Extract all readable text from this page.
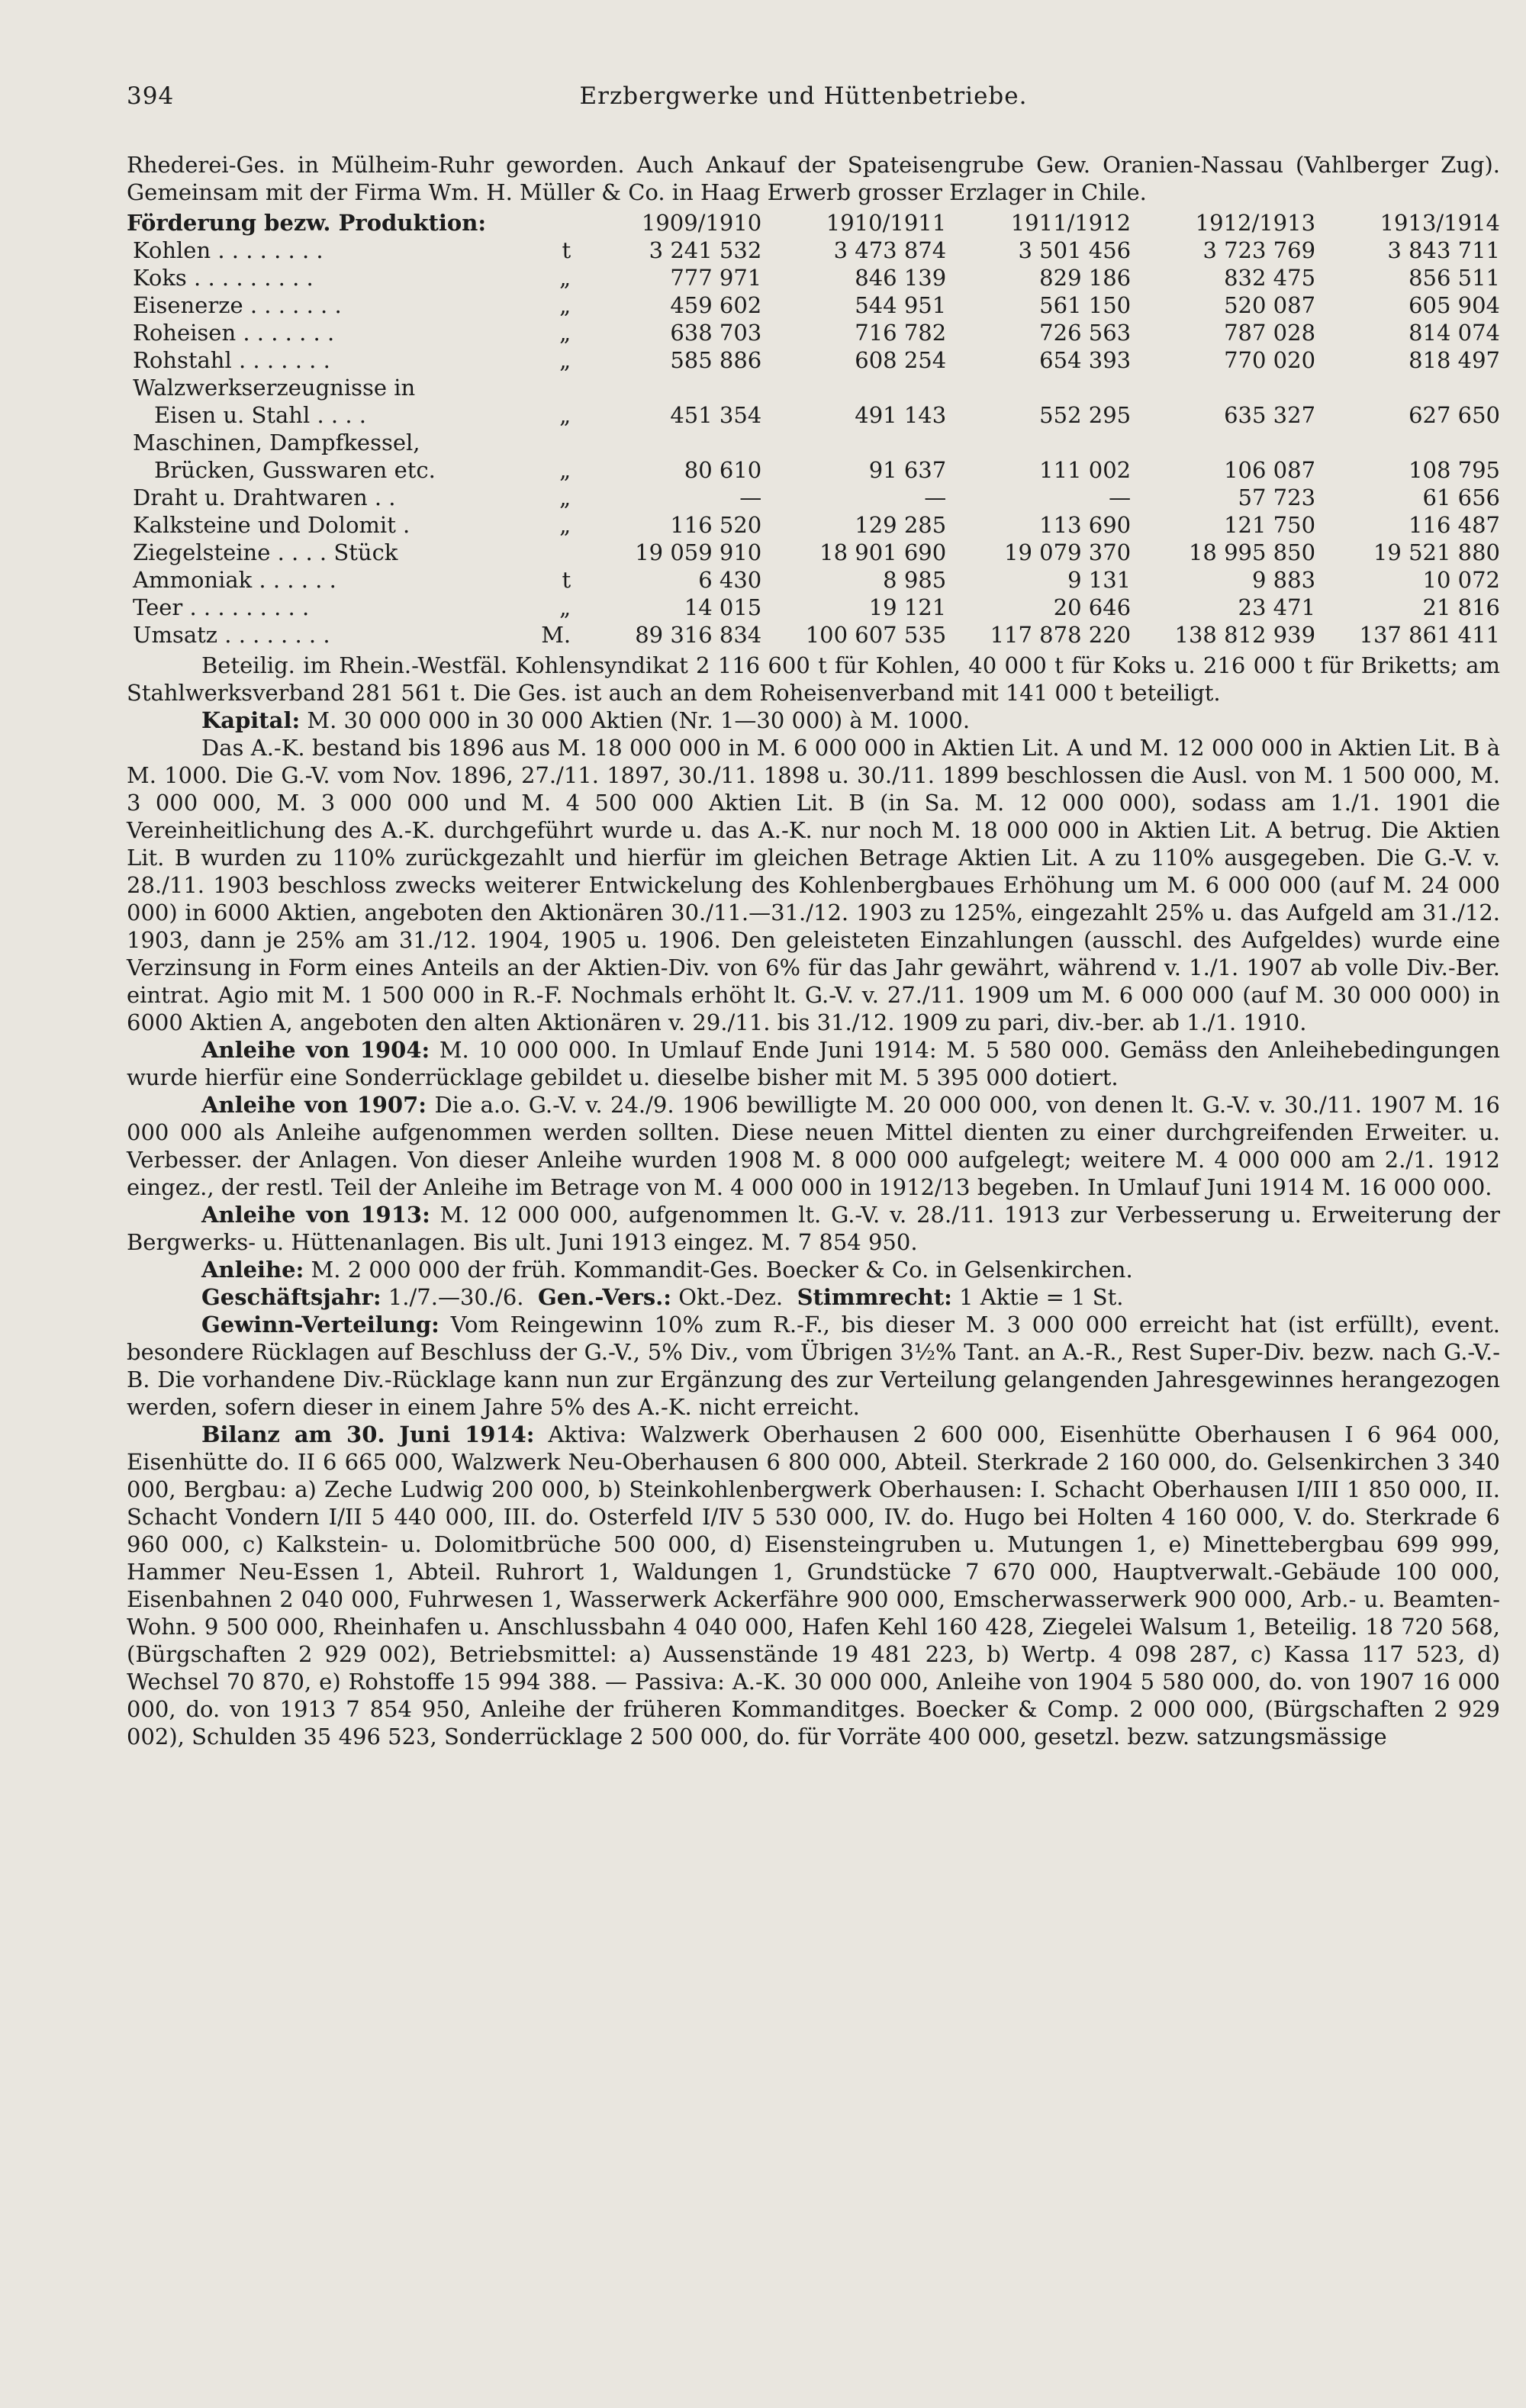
394	Erzbergwerke und Hüttenbetriebe.

Rhederei-Ges. in Mülheim-Ruhr geworden. Auch Ankauf der Spateisengrube Gew. Oranien-Nassau (Vahlberger Zug). Gemeinsam mit der Firma Wm. H. Müller & Co. in Haag Erwerb grosser Erzlager in Chile.

Förderung bezw. Produktion:		1909/1910	1910/1911	1911/1912	1912/1913	1913/1914
Kohlen . . . . . . . .	t	3 241 532	3 473 874	3 501 456	3 723 769	3 843 711
Koks . . . . . . . . .	„	777 971	846 139	829 186	832 475	856 511
Eisenerze . . . . . . .	„	459 602	544 951	561 150	520 087	605 904
Roheisen . . . . . . .	„	638 703	716 782	726 563	787 028	814 074
Rohstahl . . . . . . .	„	585 886	608 254	654 393	770 020	818 497
Walzwerkserzeugnisse in						
Eisen u. Stahl . . . .	„	451 354	491 143	552 295	635 327	627 650
Maschinen, Dampfkessel,						
Brücken, Gusswaren etc.	„	80 610	91 637	111 002	106 087	108 795
Draht u. Drahtwaren . .	„	—	—	—	57 723	61 656
Kalksteine und Dolomit .	„	116 520	129 285	113 690	121 750	116 487
Ziegelsteine . . . . Stück		19 059 910	18 901 690	19 079 370	18 995 850	19 521 880
Ammoniak . . . . . .	t	6 430	8 985	9 131	9 883	10 072
Teer . . . . . . . . .	„	14 015	19 121	20 646	23 471	21 816
Umsatz . . . . . . . .	M.	89 316 834	100 607 535	117 878 220	138 812 939	137 861 411

Beteilig. im Rhein.-Westfäl. Kohlensyndikat 2 116 600 t für Kohlen, 40 000 t für Koks u. 216 000 t für Briketts; am Stahlwerksverband 281 561 t. Die Ges. ist auch an dem Roheisenverband mit 141 000 t beteiligt.

Kapital: M. 30 000 000 in 30 000 Aktien (Nr. 1—30 000) à M. 1000.

Das A.-K. bestand bis 1896 aus M. 18 000 000 in M. 6 000 000 in Aktien Lit. A und M. 12 000 000 in Aktien Lit. B à M. 1000. Die G.-V. vom Nov. 1896, 27./11. 1897, 30./11. 1898 u. 30./11. 1899 beschlossen die Ausl. von M. 1 500 000, M. 3 000 000, M. 3 000 000 und M. 4 500 000 Aktien Lit. B (in Sa. M. 12 000 000), sodass am 1./1. 1901 die Vereinheitlichung des A.-K. durchgeführt wurde u. das A.-K. nur noch M. 18 000 000 in Aktien Lit. A betrug. Die Aktien Lit. B wurden zu 110% zurückgezahlt und hierfür im gleichen Betrage Aktien Lit. A zu 110% ausgegeben. Die G.-V. v. 28./11. 1903 beschloss zwecks weiterer Entwickelung des Kohlenbergbaues Erhöhung um M. 6 000 000 (auf M. 24 000 000) in 6000 Aktien, angeboten den Aktionären 30./11.—31./12. 1903 zu 125%, eingezahlt 25% u. das Aufgeld am 31./12. 1903, dann je 25% am 31./12. 1904, 1905 u. 1906. Den geleisteten Einzahlungen (ausschl. des Aufgeldes) wurde eine Verzinsung in Form eines Anteils an der Aktien-Div. von 6% für das Jahr gewährt, während v. 1./1. 1907 ab volle Div.-Ber. eintrat. Agio mit M. 1 500 000 in R.-F. Nochmals erhöht lt. G.-V. v. 27./11. 1909 um M. 6 000 000 (auf M. 30 000 000) in 6000 Aktien A, angeboten den alten Aktionären v. 29./11. bis 31./12. 1909 zu pari, div.-ber. ab 1./1. 1910.

Anleihe von 1904: M. 10 000 000. In Umlauf Ende Juni 1914: M. 5 580 000. Gemäss den Anleihebedingungen wurde hierfür eine Sonderrücklage gebildet u. dieselbe bisher mit M. 5 395 000 dotiert.

Anleihe von 1907: Die a.o. G.-V. v. 24./9. 1906 bewilligte M. 20 000 000, von denen lt. G.-V. v. 30./11. 1907 M. 16 000 000 als Anleihe aufgenommen werden sollten. Diese neuen Mittel dienten zu einer durchgreifenden Erweiter. u. Verbesser. der Anlagen. Von dieser Anleihe wurden 1908 M. 8 000 000 aufgelegt; weitere M. 4 000 000 am 2./1. 1912 eingez., der restl. Teil der Anleihe im Betrage von M. 4 000 000 in 1912/13 begeben. In Umlauf Juni 1914 M. 16 000 000.

Anleihe von 1913: M. 12 000 000, aufgenommen lt. G.-V. v. 28./11. 1913 zur Verbesserung u. Erweiterung der Bergwerks- u. Hüttenanlagen. Bis ult. Juni 1913 eingez. M. 7 854 950.

Anleihe: M. 2 000 000 der früh. Kommandit-Ges. Boecker & Co. in Gelsenkirchen.

Geschäftsjahr: 1./7.—30./6. Gen.-Vers.: Okt.-Dez. Stimmrecht: 1 Aktie = 1 St.

Gewinn-Verteilung: Vom Reingewinn 10% zum R.-F., bis dieser M. 3 000 000 erreicht hat (ist erfüllt), event. besondere Rücklagen auf Beschluss der G.-V., 5% Div., vom Übrigen 3½% Tant. an A.-R., Rest Super-Div. bezw. nach G.-V.-B. Die vorhandene Div.-Rücklage kann nun zur Ergänzung des zur Verteilung gelangenden Jahresgewinnes herangezogen werden, sofern dieser in einem Jahre 5% des A.-K. nicht erreicht.

Bilanz am 30. Juni 1914: Aktiva: Walzwerk Oberhausen 2 600 000, Eisenhütte Oberhausen I 6 964 000, Eisenhütte do. II 6 665 000, Walzwerk Neu-Oberhausen 6 800 000, Abteil. Sterkrade 2 160 000, do. Gelsenkirchen 3 340 000, Bergbau: a) Zeche Ludwig 200 000, b) Steinkohlenbergwerk Oberhausen: I. Schacht Oberhausen I/III 1 850 000, II. Schacht Vondern I/II 5 440 000, III. do. Osterfeld I/IV 5 530 000, IV. do. Hugo bei Holten 4 160 000, V. do. Sterkrade 6 960 000, c) Kalkstein- u. Dolomitbrüche 500 000, d) Eisensteingruben u. Mutungen 1, e) Minettebergbau 699 999, Hammer Neu-Essen 1, Abteil. Ruhrort 1, Waldungen 1, Grundstücke 7 670 000, Hauptverwalt.-Gebäude 100 000, Eisenbahnen 2 040 000, Fuhrwesen 1, Wasserwerk Ackerfähre 900 000, Emscherwasserwerk 900 000, Arb.- u. Beamten-Wohn. 9 500 000, Rheinhafen u. Anschlussbahn 4 040 000, Hafen Kehl 160 428, Ziegelei Walsum 1, Beteilig. 18 720 568, (Bürgschaften 2 929 002), Betriebsmittel: a) Aussenstände 19 481 223, b) Wertp. 4 098 287, c) Kassa 117 523, d) Wechsel 70 870, e) Rohstoffe 15 994 388. — Passiva: A.-K. 30 000 000, Anleihe von 1904 5 580 000, do. von 1907 16 000 000, do. von 1913 7 854 950, Anleihe der früheren Kommanditges. Boecker & Comp. 2 000 000, (Bürgschaften 2 929 002), Schulden 35 496 523, Sonderrücklage 2 500 000, do. für Vorräte 400 000, gesetzl. bezw. satzungsmässige
